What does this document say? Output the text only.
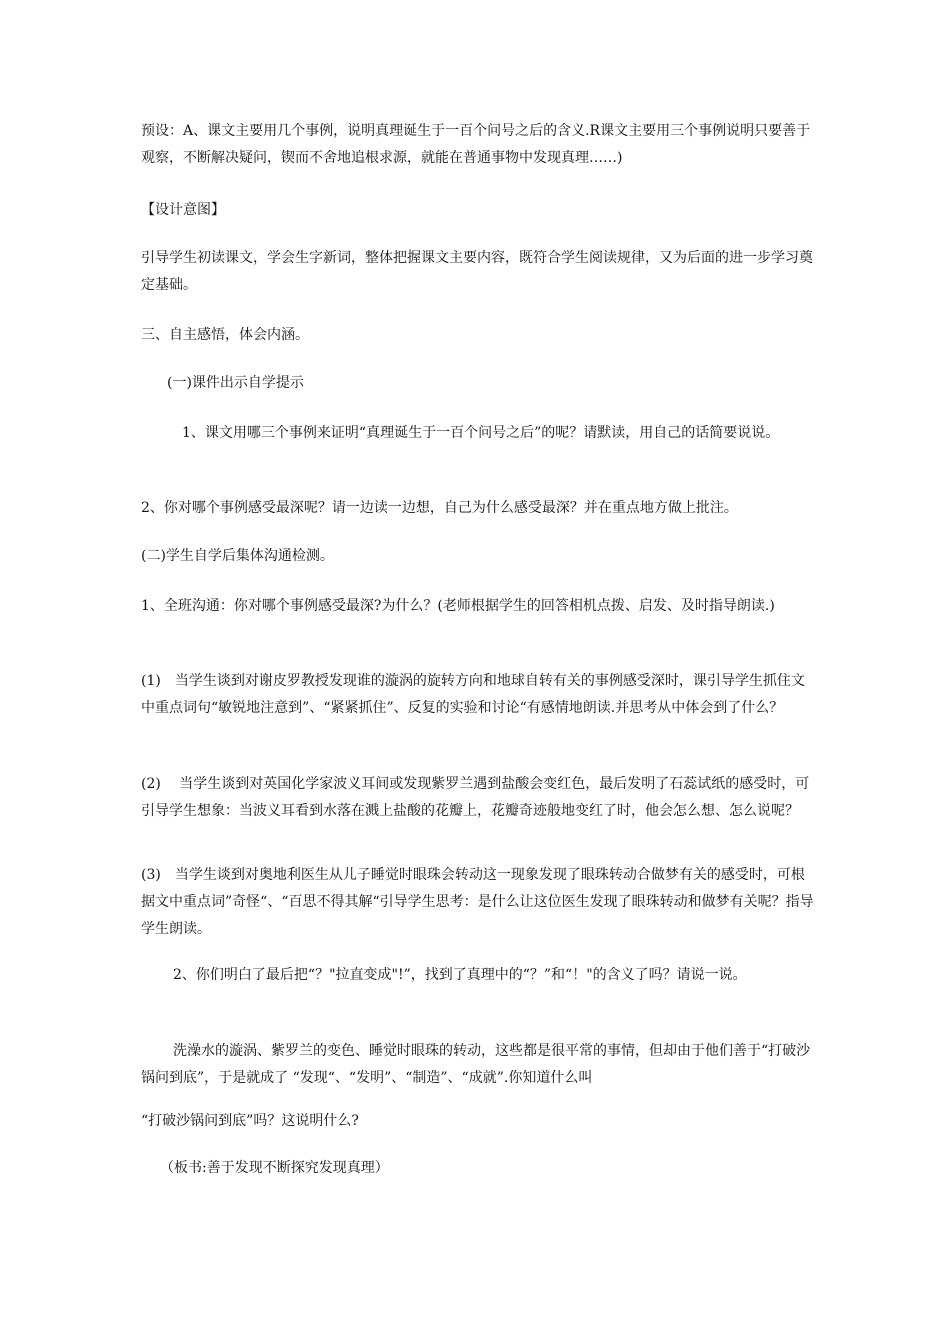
预设：A、课文主要用几个事例，说明真理诞生于一百个问号之后的含义.R课文主要用三个事例说明只要善于观察，不断解决疑问，锲而不舍地追根求源，就能在普通事物中发现真理……)

【设计意图】

引导学生初读课文，学会生字新词，整体把握课文主要内容，既符合学生阅读规律，又为后面的进一步学习奠定基础。

三、自主感悟，体会内涵。

(一)课件出示自学提示

1、课文用哪三个事例来证明“真理诞生于一百个问号之后”的呢？请默读，用自己的话简要说说。

2、你对哪个事例感受最深呢？请一边读一边想，自己为什么感受最深？并在重点地方做上批注。

(二)学生自学后集体沟通检测。

1、全班沟通：你对哪个事例感受最深?为什么？(老师根据学生的回答相机点拨、启发、及时指导朗读.)

(1)　当学生谈到对谢皮罗教授发现谁的漩涡的旋转方向和地球自转有关的事例感受深时，课引导学生抓住文中重点词句“敏锐地注意到”、“紧紧抓住”、反复的实验和讨论“有感情地朗读.并思考从中体会到了什么？

(2)　 当学生谈到对英国化学家波义耳间或发现紫罗兰遇到盐酸会变红色，最后发明了石蕊试纸的感受时，可引导学生想象：当波义耳看到水落在溅上盐酸的花瓣上，花瓣奇迹般地变红了时，他会怎么想、怎么说呢？

(3)　当学生谈到对奥地利医生从儿子睡觉时眼珠会转动这一现象发现了眼珠转动合做梦有关的感受时，可根据文中重点词”奇怪“、“百思不得其解“引导学生思考：是什么让这位医生发现了眼珠转动和做梦有关呢？指导学生朗读。

2、你们明白了最后把“？"拉直变成"!”，找到了真理中的“？”和“！"的含义了吗？请说一说。

洗澡水的漩涡、紫罗兰的变色、睡觉时眼珠的转动，这些都是很平常的事情，但却由于他们善于“打破沙锅问到底”，于是就成了 “发现“、“发明”、“制造”、“成就”.你知道什么叫

“打破沙锅问到底”吗？这说明什么?

（板书:善于发现不断探究发现真理）
